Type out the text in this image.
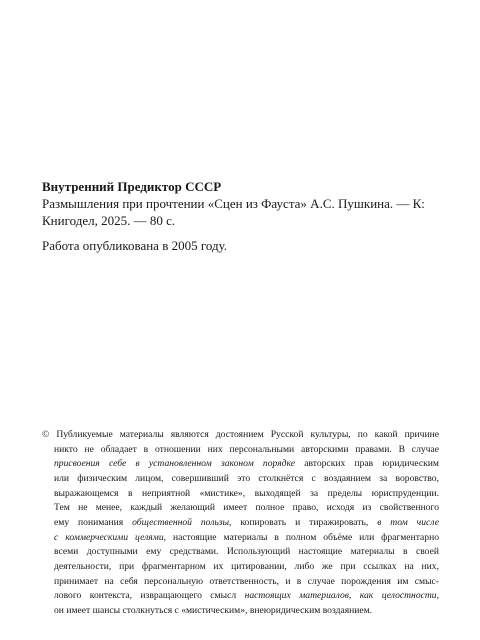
Внутренний Предиктор СССР
Размышления при прочтении «Сцен из Фауста» А.С. Пушкина. — К:
Книгодел, 2025. — 80 с.
Работа опубликована в 2005 году.
© Публикуемые материалы являются достоянием Русской культуры, по какой причине
никто не обладает в отношении них персональными авторскими правами. В случае
присвоения себе в установленном законом порядке авторских прав юридическим
или физическим лицом, совершивший это столкнётся с воздаянием за воровство,
выражающемся в неприятной «мистике», выходящей за пределы юриспруденции.
Тем не менее, каждый желающий имеет полное право, исходя из свойственного
ему понимания общественной пользы, копировать и тиражировать, в том числе
с коммерческими целями, настоящие материалы в полном объёме или фрагментарно
всеми доступными ему средствами. Использующий настоящие материалы в своей
деятельности, при фрагментарном их цитировании, либо же при ссылках на них,
принимает на себя персональную ответственность, и в случае порождения им смыс-
лового контекста, извращающего смысл настоящих материалов, как целостности,
он имеет шансы столкнуться с «мистическим», внеюридическим воздаянием.
